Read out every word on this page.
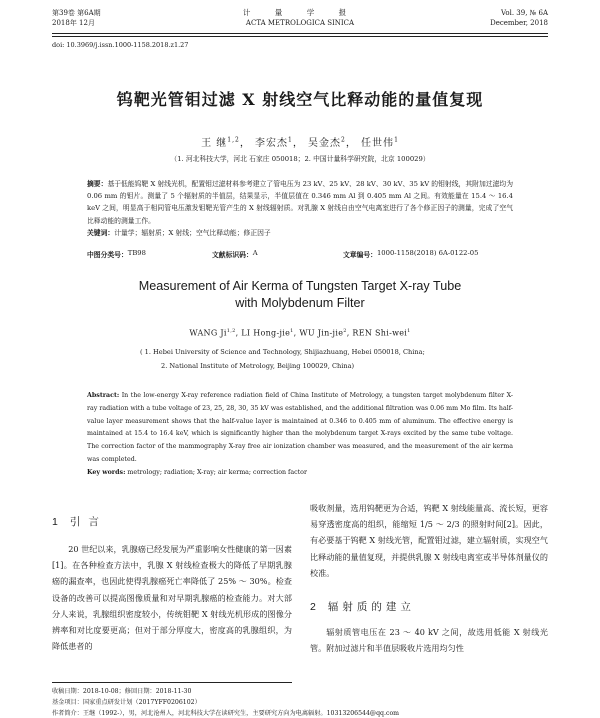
第39卷 第6A期
2018年 12月
计 量 学 报
ACTA METROLOGICA SINICA
Vol. 39, № 6A
December, 2018
doi: 10.3969/j.issn.1000-1158.2018.z1.27
钨靶光管钼过滤 X 射线空气比释动能的量值复现
王 继$^{1,2}$， 李宏杰$^1$， 吴金杰$^2$， 任世伟$^1$
（1. 河北科技大学，河北 石家庄 050018；2. 中国计量科学研究院，北京 100029）
摘要：基于低能钨靶 X 射线光机，配置钼过滤材料参考建立了管电压为 23 kV、25 kV、28 kV、30 kV、35 kV 的钼射线，其附加过滤均为 0.06 mm 的钼片。测量了 5 个辐射质的半值层，结果显示，半值层值在 0.346 mm Al 到 0.405 mm Al 之间。有效能量在 15.4 ～ 16.4 keV 之间，明显高于相同管电压激发钼靶光管产生的 X 射线辐射质。对乳腺 X 射线自由空气电离室进行了各个修正因子的测量，完成了空气比释动能的测量工作。
关键词：计量学；辐射质；X 射线；空气比释动能；修正因子
中图分类号： TB98	文献标识码： A	文章编号： 1000-1158(2018) 6A-0122-05
Measurement of Air Kerma of Tungsten Target X-ray Tube
with Molybdenum Filter
WANG Ji$^{1,2}$, LI Hong-jie$^1$, WU Jin-jie$^2$, REN Shi-wei$^1$
( 1. Hebei University of Science and Technology, Shijiazhuang, Hebei 050018, China;
2. National Institute of Metrology, Beijing 100029, China)
Abstract: In the low-energy X-ray reference radiation field of China Institute of Metrology, a tungsten target molybdenum filter X-ray radiation with a tube voltage of 23, 25, 28, 30, 35 kV was established, and the additional filtration was 0.06 mm Mo film. Its half-value layer measurement shows that the half-value layer is maintained at 0.346 to 0.405 mm of aluminum. The effective energy is maintained at 15.4 to 16.4 keV, which is significantly higher than the molybdenum target X-rays excited by the same tube voltage. The correction factor of the mammography X-ray free air ionization chamber was measured, and the measurement of the air kerma was completed.
Key words: metrology; radiation; X-ray; air kerma; correction factor
1 引言

20 世纪以来，乳腺癌已经发展为严重影响女性健康的第一因素[1]。在各种检查方法中，乳腺 X 射线检查极大的降低了早期乳腺癌的漏查率，也因此使得乳腺癌死亡率降低了 25% ～ 30%。检查设备的改善可以提高图像质量和对早期乳腺癌的检查能力。对大部分人来说，乳腺组织密度较小，传统钼靶 X 射线光机形成的图像分辨率和对比度要更高；但对于部分厚度大，密度高的乳腺组织，为降低患者的

吸收剂量，选用钨靶更为合适，钨靶 X 射线能量高、流长短，更容易穿透密度高的组织，能缩短 1/5 ～ 2/3 的照射时间[2]。因此，有必要基于钨靶 X 射线光管，配置钼过滤，建立辐射质，实现空气比释动能的量值复现，并提供乳腺 X 射线电离室或半导体剂量仪的校准。

2 辐射质的建立

辐射质管电压在 23 ～ 40 kV 之间，故选用低能 X 射线光管。附加过滤片和半值层吸收片选用均匀性

收稿日期：2018-10-08；修回日期：2018-11-30
基金项目：国家重点研发计划（2017YFF0206102）
作者简介：王继（1992-），男，河北沧州人，河北科技大学在读研究生，主要研究方向为电离辐射。10313206544@qq.com
